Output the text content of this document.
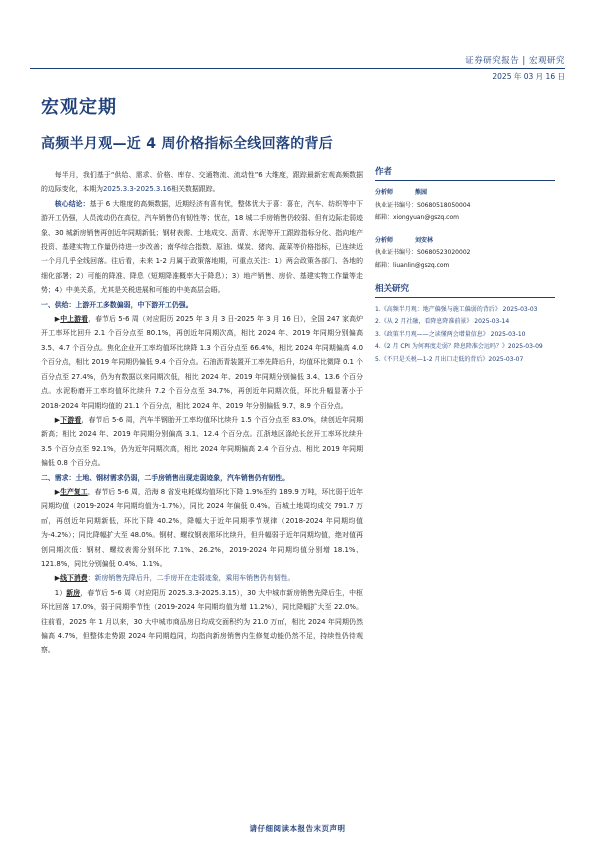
证券研究报告 | 宏观研究
2025 年 03 月 16 日
宏观定期
高频半月观—近 4 周价格指标全线回落的背后

每半月，我们基于“供给、需求、价格、库存、交通物流、流动性”6 大维度，跟踪最新宏观高频数据的边际变化，本期为2025.3.3-2025.3.16相关数据跟踪。

核心结论：基于 6 大维度的高频数据，近期经济有喜有忧，整体优大于喜：喜在，汽车、纺织等中下游开工仍强，人员流动仍在高位，汽车销售仍有韧性等；忧在，18 城二手房销售仍较弱、但有边际走弱迹象、30 城新房销售再创近年同期新低；钢材表需、土地成交、沥青、水泥等开工跟踪指标分化、指向地产投资、基建实物工作量仍待进一步改善；南华综合指数、原油、煤炭、猪肉、蔬菜等价格指标，已连续近一个月几乎全线回落。往后看，未来 1-2 月属于政策落地期，可重点关注：1）两会政策各部门、各地的细化部署；2）可能的降准、降息（短期降准概率大于降息）；3）地产销售、房价、基建实物工作量等走势；4）中美关系，尤其是关税进展和可能的中美高层会晤。

一、供给：上游开工多数偏弱，中下游开工仍强。

▶中上游看，春节后 5-6 周（对应阳历 2025 年 3 月 3 日-2025 年 3 月 16 日），全国 247 家高炉开工率环比回升 2.1 个百分点至 80.1%，再创近年同期次高，相比 2024 年、2019 年同期分别偏高 3.5、4.7 个百分点。焦化企业开工率均值环比续降 1.3 个百分点至 66.4%，相比 2024 年同期偏高 4.0 个百分点，相比 2019 年同期仍偏低 9.4 个百分点。石油沥青装置开工率先降后升，均值环比微降 0.1 个百分点至 27.4%，仍为有数据以来同期次低，相比 2024 年、2019 年同期分别偏低 3.4、13.6 个百分点。水泥粉磨开工率均值环比续升 7.2 个百分点至 34.7%，再创近年同期次低，环比升幅显著小于 2018-2024 年同期均值的 21.1 个百分点，相比 2024 年、2019 年分别偏低 9.7、8.9 个百分点。

▶下游看，春节后 5-6 周，汽车半钢胎开工率均值环比续升 1.5 个百分点至 83.0%，续创近年同期新高；相比 2024 年、2019 年同期分别偏高 3.1、12.4 个百分点。江浙地区涤纶长丝开工率环比续升 3.5 个百分点至 92.1%，仍为近年同期次高，相比 2024 年同期偏高 2.4 个百分点、相比 2019 年同期偏低 0.8 个百分点。

二、需求：土地、钢材需求仍弱，二手房销售出现走弱迹象，汽车销售仍有韧性。

▶生产复工，春节后 5-6 周，沿海 8 省发电耗煤均值环比下降 1.9%至约 189.9 万吨，环比弱于近年同期均值（2019-2024 年同期均值为-1.7%），同比 2024 年偏低 0.4%。百城土地周均成交 791.7 万㎡，再创近年同期新低，环比下降 40.2%，降幅大于近年同期季节规律（2018-2024 年同期均值为-4.2%）；同比降幅扩大至 48.0%。钢材、螺纹钢表需环比续升，但升幅弱于近年同期均值，绝对值再创同期次低：钢材、螺纹表需分别环比 7.1%、26.2%，2019-2024 年同期均值分别增 18.1%、121.8%，同比分别偏低 0.4%、1.1%。

▶线下消费：新房销售先降后升，二手房开在走弱迹象，乘用车销售仍有韧性。

1）新房，春节后 5-6 周（对应阳历 2025.3.3-2025.3.15），30 大中城市新房销售先降后生，中枢环比回落 17.0%，弱于同期季节性（2019-2024 年同期均值为增 11.2%），同比降幅扩大至 22.0%。往前看，2025 年 1 月以来，30 大中城市商品房日均成交面积约为 21.0 万㎡，相比 2024 年同期仍然偏高 4.7%，但整体走势跟 2024 年同期趋同，均指向新房销售内生修复动能仍然不足，持续性仍待观察。

作者
分析师	熊园
执业证书编号：S0680518050004
邮箱：xiongyuan@gszq.com
分析师	刘安林
执业证书编号：S0680523020002
邮箱：liuanlin@gszq.com
相关研究
1.《高频半月观：地产偏强与施工偏弱的背后》 2025-03-03
2.《从 2 月社融，看降息降准前景》 2025-03-14
3.《政策半月观——之读懂两会增量信息》 2025-03-10
4.《2 月 CPI 为何再度走弱？降息降准会远吗？》2025-03-09
5.《不只是关税—1-2 月出口走低的背后》2025-03-07
请仔细阅读本报告末页声明
